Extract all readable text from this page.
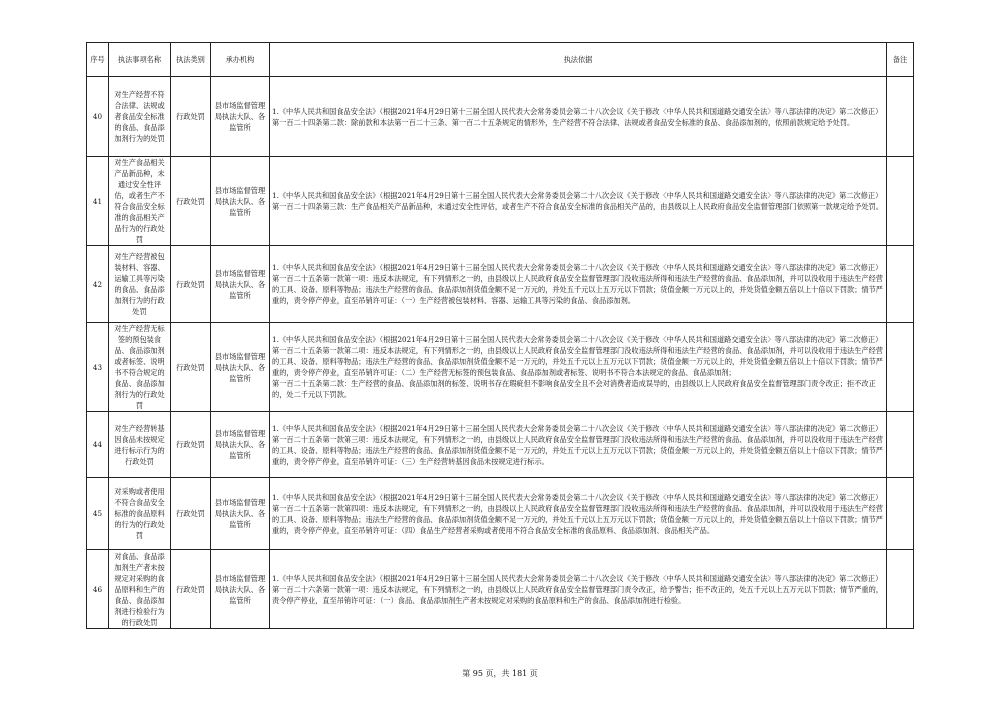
序号	执法事项名称	执法类别	承办机构	执法依据	备注
40	对生产经营不符合法律、法规或者食品安全标准的食品、食品添加剂行为的处罚	行政处罚	县市场监督管理局执法大队、各监管所	1.《中华人民共和国食品安全法》（根据2021年4月29日第十三届全国人民代表大会常务委员会第二十八次会议《关于修改〈中华人民共和国道路交通安全法〉等八部法律的决定》第二次修正）
第一百二十四条第二款：除前款和本法第一百二十三条、第一百二十五条规定的情形外，生产经营不符合法律、法规或者食品安全标准的食品、食品添加剂的，依照前款规定给予处罚。	

41	对生产食品相关产品新品种，未通过安全性评估，或者生产不符合食品安全标准的食品相关产品行为的行政处罚	行政处罚	县市场监督管理局执法大队、各监管所	1.《中华人民共和国食品安全法》（根据2021年4月29日第十三届全国人民代表大会常务委员会第二十八次会议《关于修改〈中华人民共和国道路交通安全法〉等八部法律的决定》第二次修正）
第一百二十四条第三款：生产食品相关产品新品种，未通过安全性评估，或者生产不符合食品安全标准的食品相关产品的，由县级以上人民政府食品安全监督管理部门依照第一款规定给予处罚。	

42	对生产经营被包装材料、容器、运输工具等污染的食品、食品添加剂行为的行政处罚	行政处罚	县市场监督管理局执法大队、各监管所	1.《中华人民共和国食品安全法》（根据2021年4月29日第十三届全国人民代表大会常务委员会第二十八次会议《关于修改〈中华人民共和国道路交通安全法〉等八部法律的决定》第二次修正）
第一百二十五条第一款第一项：违反本法规定，有下列情形之一的，由县级以上人民政府食品安全监督管理部门没收违法所得和违法生产经营的食品、食品添加剂，并可以没收用于违法生产经营的工具、设备、原料等物品；违法生产经营的食品、食品添加剂货值金额不足一万元的，并处五千元以上五万元以下罚款；货值金额一万元以上的，并处货值金额五倍以上十倍以下罚款；情节严重的，责令停产停业，直至吊销许可证：（一）生产经营被包装材料、容器、运输工具等污染的食品、食品添加剂。	

43	对生产经营无标签的预包装食品、食品添加剂或者标签、说明书不符合规定的食品、食品添加剂行为的行政处罚	行政处罚	县市场监督管理局执法大队、各监管所	1.《中华人民共和国食品安全法》（根据2021年4月29日第十三届全国人民代表大会常务委员会第二十八次会议《关于修改〈中华人民共和国道路交通安全法〉等八部法律的决定》第二次修正）
第一百二十五条第一款第二项：违反本法规定，有下列情形之一的，由县级以上人民政府食品安全监督管理部门没收违法所得和违法生产经营的食品、食品添加剂，并可以没收用于违法生产经营的工具、设备、原料等物品；违法生产经营的食品、食品添加剂货值金额不足一万元的，并处五千元以上五万元以下罚款；货值金额一万元以上的，并处货值金额五倍以上十倍以下罚款；情节严重的，责令停产停业，直至吊销许可证：（二）生产经营无标签的预包装食品、食品添加剂或者标签、说明书不符合本法规定的食品、食品添加剂；
第一百二十五条第二款：生产经营的食品、食品添加剂的标签、说明书存在瑕疵但不影响食品安全且不会对消费者造成误导的，由县级以上人民政府食品安全监督管理部门责令改正；拒不改正的，处二千元以下罚款。	

44	对生产经营转基因食品未按规定进行标示行为的行政处罚	行政处罚	县市场监督管理局执法大队、各监管所	1.《中华人民共和国食品安全法》（根据2021年4月29日第十三届全国人民代表大会常务委员会第二十八次会议《关于修改〈中华人民共和国道路交通安全法〉等八部法律的决定》第二次修正）
第一百二十五条第一款第三项：违反本法规定，有下列情形之一的，由县级以上人民政府食品安全监督管理部门没收违法所得和违法生产经营的食品、食品添加剂，并可以没收用于违法生产经营的工具、设备、原料等物品；违法生产经营的食品、食品添加剂货值金额不足一万元的，并处五千元以上五万元以下罚款；货值金额一万元以上的，并处货值金额五倍以上十倍以下罚款；情节严重的，责令停产停业，直至吊销许可证：（三）生产经营转基因食品未按规定进行标示。	

45	对采购或者使用不符合食品安全标准的食品原料的行为的行政处罚	行政处罚	县市场监督管理局执法大队、各监管所	1.《中华人民共和国食品安全法》（根据2021年4月29日第十三届全国人民代表大会常务委员会第二十八次会议《关于修改〈中华人民共和国道路交通安全法〉等八部法律的决定》第二次修正）
第一百二十五条第一款第四项：违反本法规定，有下列情形之一的，由县级以上人民政府食品安全监督管理部门没收违法所得和违法生产经营的食品、食品添加剂，并可以没收用于违法生产经营的工具、设备、原料等物品；违法生产经营的食品、食品添加剂货值金额不足一万元的，并处五千元以上五万元以下罚款；货值金额一万元以上的，并处货值金额五倍以上十倍以下罚款；情节严重的，责令停产停业，直至吊销许可证：（四）食品生产经营者采购或者使用不符合食品安全标准的食品原料、食品添加剂、食品相关产品。	

46	对食品、食品添加剂生产者未按规定对采购的食品原料和生产的食品、食品添加剂进行检验行为的行政处罚	行政处罚	县市场监督管理局执法大队、各监管所	1.《中华人民共和国食品安全法》（根据2021年4月29日第十三届全国人民代表大会常务委员会第二十八次会议《关于修改〈中华人民共和国道路交通安全法〉等八部法律的决定》第二次修正）
第一百二十六条第一款第一项：违反本法规定，有下列情形之一的，由县级以上人民政府食品安全监督管理部门责令改正，给予警告；拒不改正的，处五千元以上五万元以下罚款；情节严重的，责令停产停业，直至吊销许可证：（一）食品、食品添加剂生产者未按规定对采购的食品原料和生产的食品、食品添加剂进行检验。	

第 95 页，共 181 页
